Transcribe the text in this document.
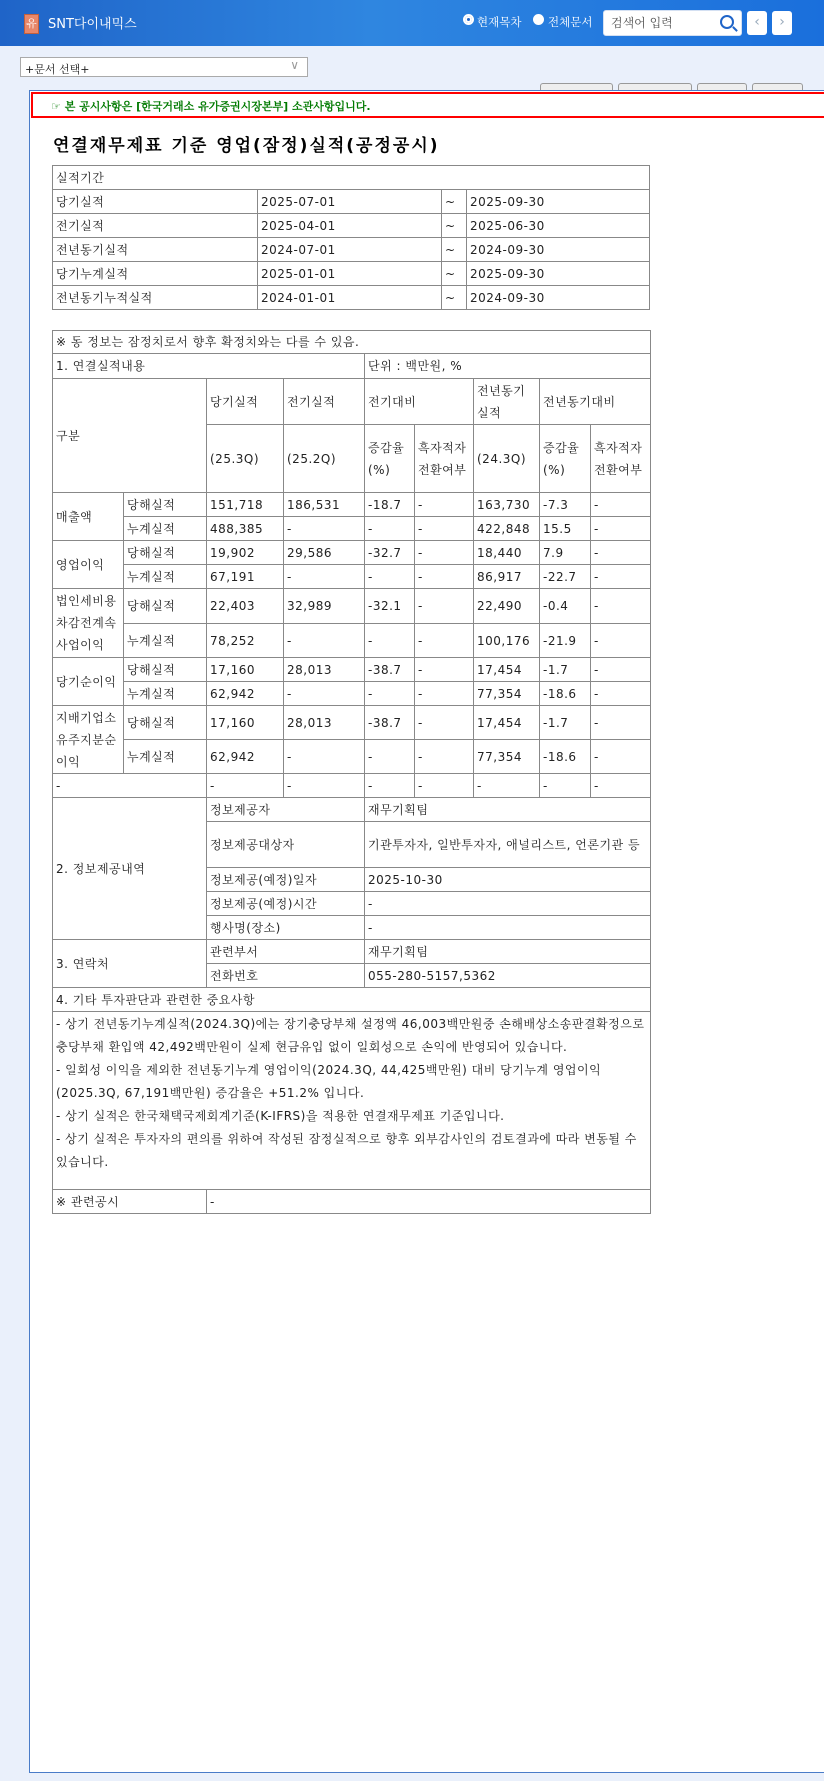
유 SNT다이내믹스	현재목차 전체문서
검색어 입력	‹	›
+문서 선택+	∨
☞ 본 공시사항은 [한국거래소 유가증권시장본부] 소관사항입니다.
연결재무제표 기준 영업(잠정)실적(공정공시)
실적기간			
당기실적	2025-07-01	~	2025-09-30
전기실적	2025-04-01	~	2025-06-30
전년동기실적	2024-07-01	~	2024-09-30
당기누계실적	2025-01-01	~	2025-09-30
전년동기누적실적	2024-01-01	~	2024-09-30
※ 동 정보는 잠정치로서 향후 확정치와는 다를 수 있음.								
1. 연결실적내용				단위 : 백만원, %				
구분		당기실적	전기실적	전기대비		전년동기실적	전년동기대비	
		(25.3Q)	(25.2Q)	증감율(%)	흑자적자전환여부	(24.3Q)	증감율(%)	흑자적자전환여부
매출액	당해실적	151,718	186,531	-18.7	-	163,730	-7.3	-
	누계실적	488,385	-	-	-	422,848	15.5	-
영업이익	당해실적	19,902	29,586	-32.7	-	18,440	7.9	-
	누계실적	67,191	-	-	-	86,917	-22.7	-
법인세비용차감전계속사업이익	당해실적	22,403	32,989	-32.1	-	22,490	-0.4	-
	누계실적	78,252	-	-	-	100,176	-21.9	-
당기순이익	당해실적	17,160	28,013	-38.7	-	17,454	-1.7	-
	누계실적	62,942	-	-	-	77,354	-18.6	-
지배기업소유주지분순이익	당해실적	17,160	28,013	-38.7	-	17,454	-1.7	-
	누계실적	62,942	-	-	-	77,354	-18.6	-
-		-	-	-	-	-	-	-
2. 정보제공내역		정보제공자		재무기획팀				
		정보제공대상자		기관투자자, 일반투자자, 애널리스트, 언론기관 등				
		정보제공(예정)일자		2025-10-30				
		정보제공(예정)시간		-				
		행사명(장소)		-				
3. 연락처		관련부서		재무기획팀				
		전화번호		055-280-5157,5362				
4. 기타 투자판단과 관련한 중요사항								

- 상기 전년동기누계실적(2024.3Q)에는 장기충당부채 설정액 46,003백만원중 손해배상소송판결확정으로 충당부채 환입액 42,492백만원이 실제 현금유입 없이 일회성으로 손익에 반영되어 있습니다.
- 일회성 이익을 제외한 전년동기누계 영업이익(2024.3Q, 44,425백만원) 대비 당기누계 영업이익(2025.3Q, 67,191백만원) 증감율은 +51.2% 입니다.
- 상기 실적은 한국채택국제회계기준(K-IFRS)을 적용한 연결재무제표 기준입니다.
- 상기 실적은 투자자의 편의를 위하여 작성된 잠정실적으로 향후 외부감사인의 검토결과에 따라 변동될 수 있습니다.								

※ 관련공시		-						
